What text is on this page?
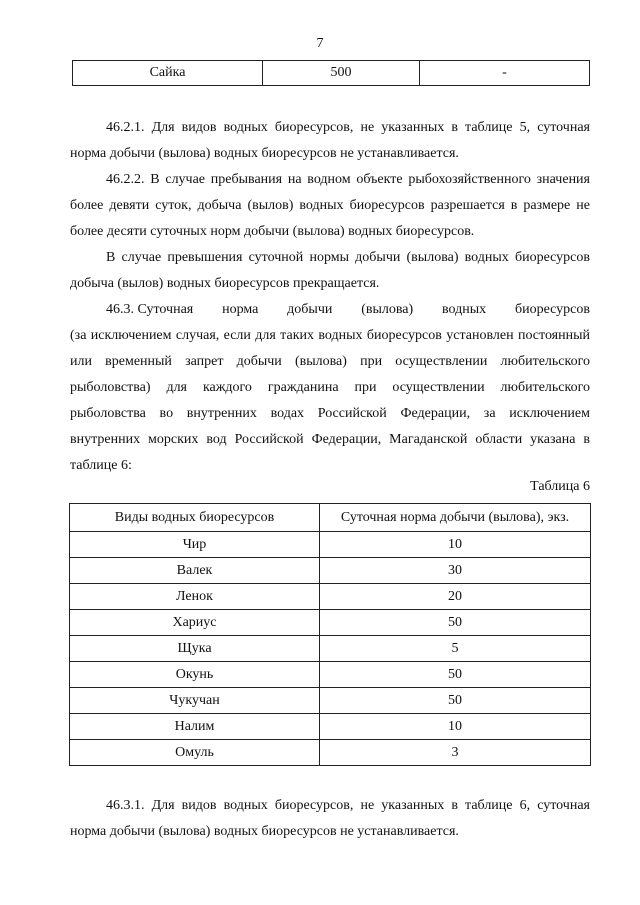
7
Сайка	500	-

46.2.1. Для видов водных биоресурсов, не указанных в таблице 5, суточная норма добычи (вылова) водных биоресурсов не устанавливается.

46.2.2. В случае пребывания на водном объекте рыбохозяйственного значения более девяти суток, добыча (вылов) водных биоресурсов разрешается в размере не более десяти суточных норм добычи (вылова) водных биоресурсов.

В случае превышения суточной нормы добычи (вылова) водных биоресурсов добыча (вылов) водных биоресурсов прекращается.

46.3. Суточная норма добычи (вылова) водных биоресурсов
(за исключением случая, если для таких водных биоресурсов установлен постоянный или временный запрет добычи (вылова) при осуществлении любительского рыболовства) для каждого гражданина при осуществлении любительского рыболовства во внутренних водах Российской Федерации, за исключением внутренних морских вод Российской Федерации, Магаданской области указана в таблице 6:
Таблица 6
Виды водных биоресурсов	Суточная норма добычи (вылова), экз.
Чир	10
Валек	30
Ленок	20
Хариус	50
Щука	5
Окунь	50
Чукучан	50
Налим	10
Омуль	3

46.3.1. Для видов водных биоресурсов, не указанных в таблице 6, суточная норма добычи (вылова) водных биоресурсов не устанавливается.
